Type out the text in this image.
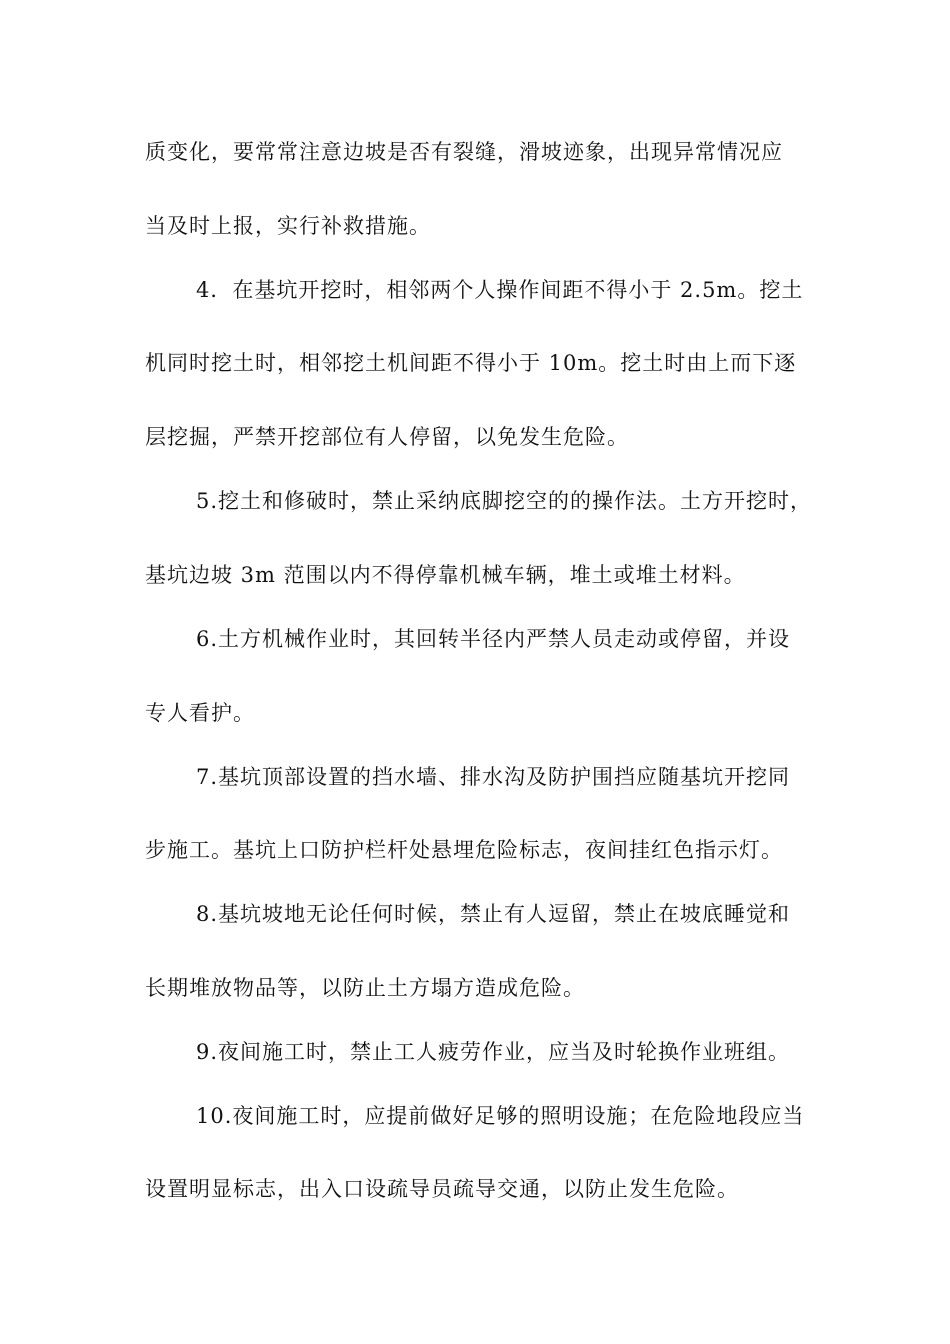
质变化，要常常注意边坡是否有裂缝，滑坡迹象，出现异常情况应
当及时上报，实行补救措施。
4．在基坑开挖时，相邻两个人操作间距不得小于 2.5m。挖土
机同时挖土时，相邻挖土机间距不得小于 10m。挖土时由上而下逐
层挖掘，严禁开挖部位有人停留，以免发生危险。
5.挖土和修破时，禁止采纳底脚挖空的的操作法。土方开挖时，
基坑边坡 3m 范围以内不得停靠机械车辆，堆土或堆土材料。
6.土方机械作业时，其回转半径内严禁人员走动或停留，并设
专人看护。
7.基坑顶部设置的挡水墙、排水沟及防护围挡应随基坑开挖同
步施工。基坑上口防护栏杆处悬埋危险标志，夜间挂红色指示灯。
8.基坑坡地无论任何时候，禁止有人逗留，禁止在坡底睡觉和
长期堆放物品等，以防止土方塌方造成危险。
9.夜间施工时，禁止工人疲劳作业，应当及时轮换作业班组。
10.夜间施工时，应提前做好足够的照明设施；在危险地段应当
设置明显标志，出入口设疏导员疏导交通，以防止发生危险。
